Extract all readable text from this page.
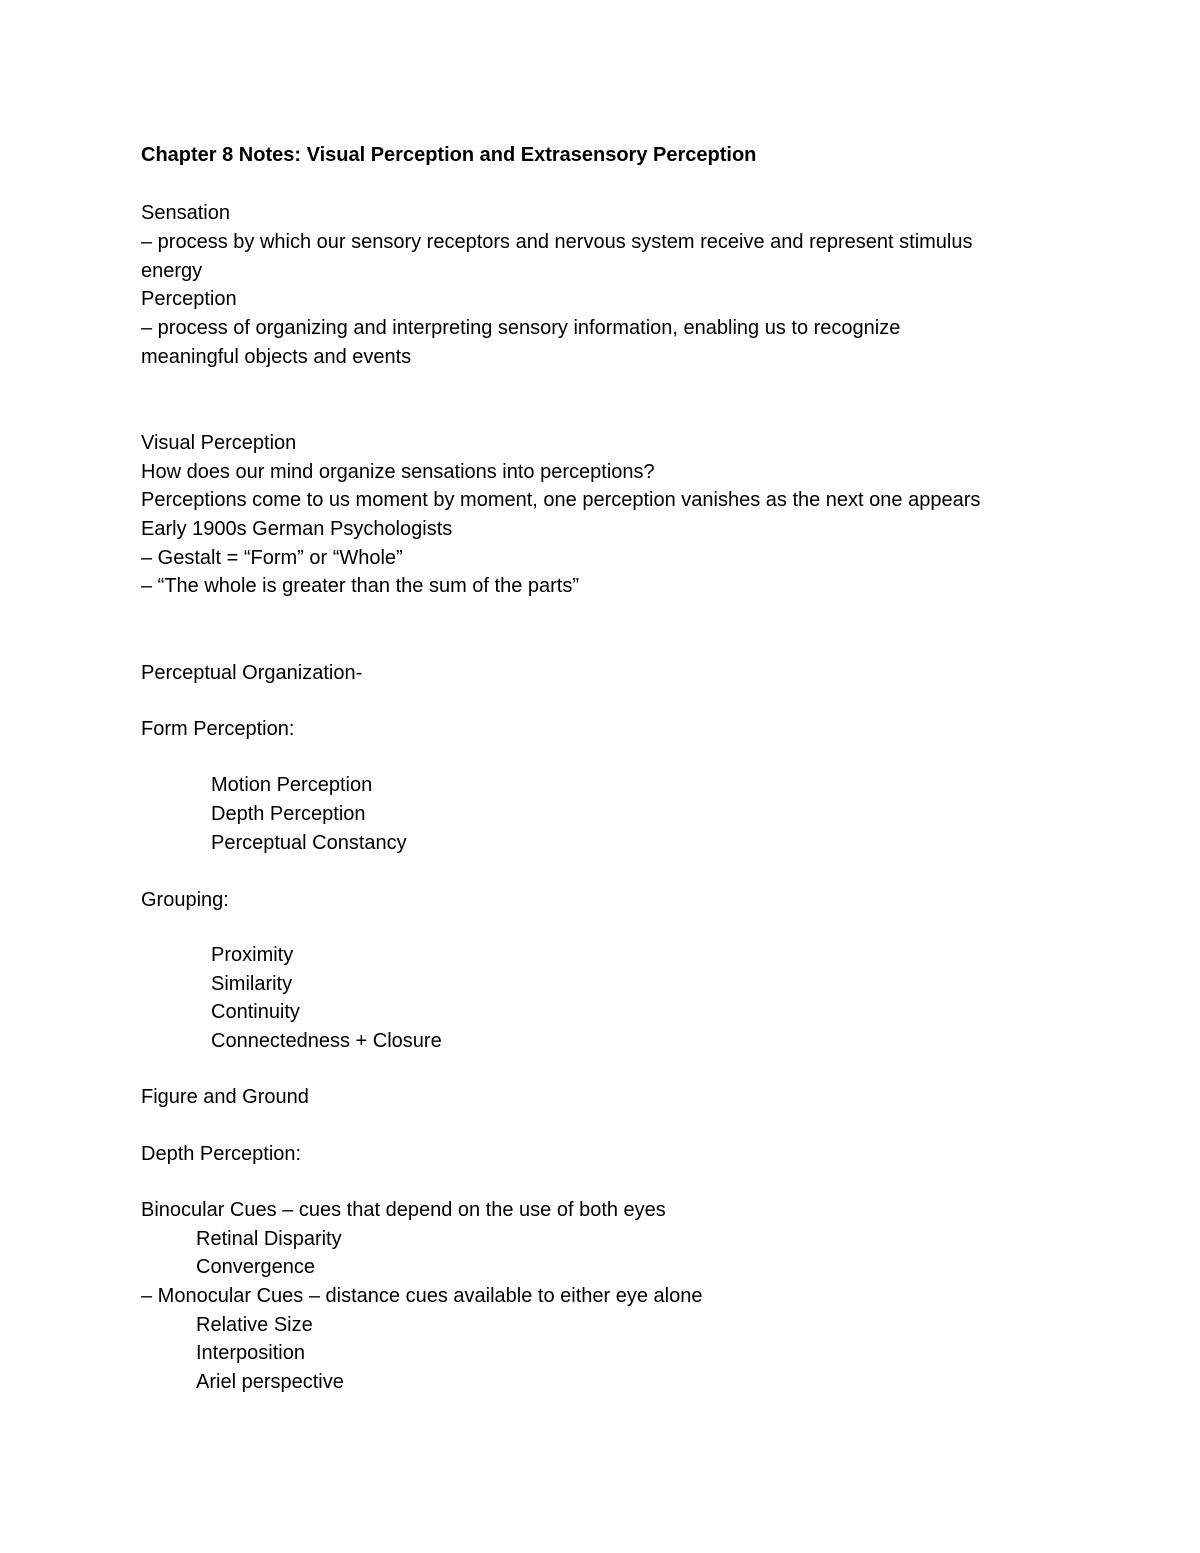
Chapter 8 Notes: Visual Perception and Extrasensory Perception
Sensation
– process by which our sensory receptors and nervous system receive and represent stimulus
energy
Perception
– process of organizing and interpreting sensory information, enabling us to recognize
meaningful objects and events
Visual Perception
How does our mind organize sensations into perceptions?
Perceptions come to us moment by moment, one perception vanishes as the next one appears
Early 1900s German Psychologists
– Gestalt = “Form” or “Whole”
– “The whole is greater than the sum of the parts”
Perceptual Organization-
Form Perception:
Motion Perception
Depth Perception
Perceptual Constancy
Grouping:
Proximity
Similarity
Continuity
Connectedness + Closure
Figure and Ground
Depth Perception:
Binocular Cues – cues that depend on the use of both eyes
Retinal Disparity
Convergence
– Monocular Cues – distance cues available to either eye alone
Relative Size
Interposition
Ariel perspective
